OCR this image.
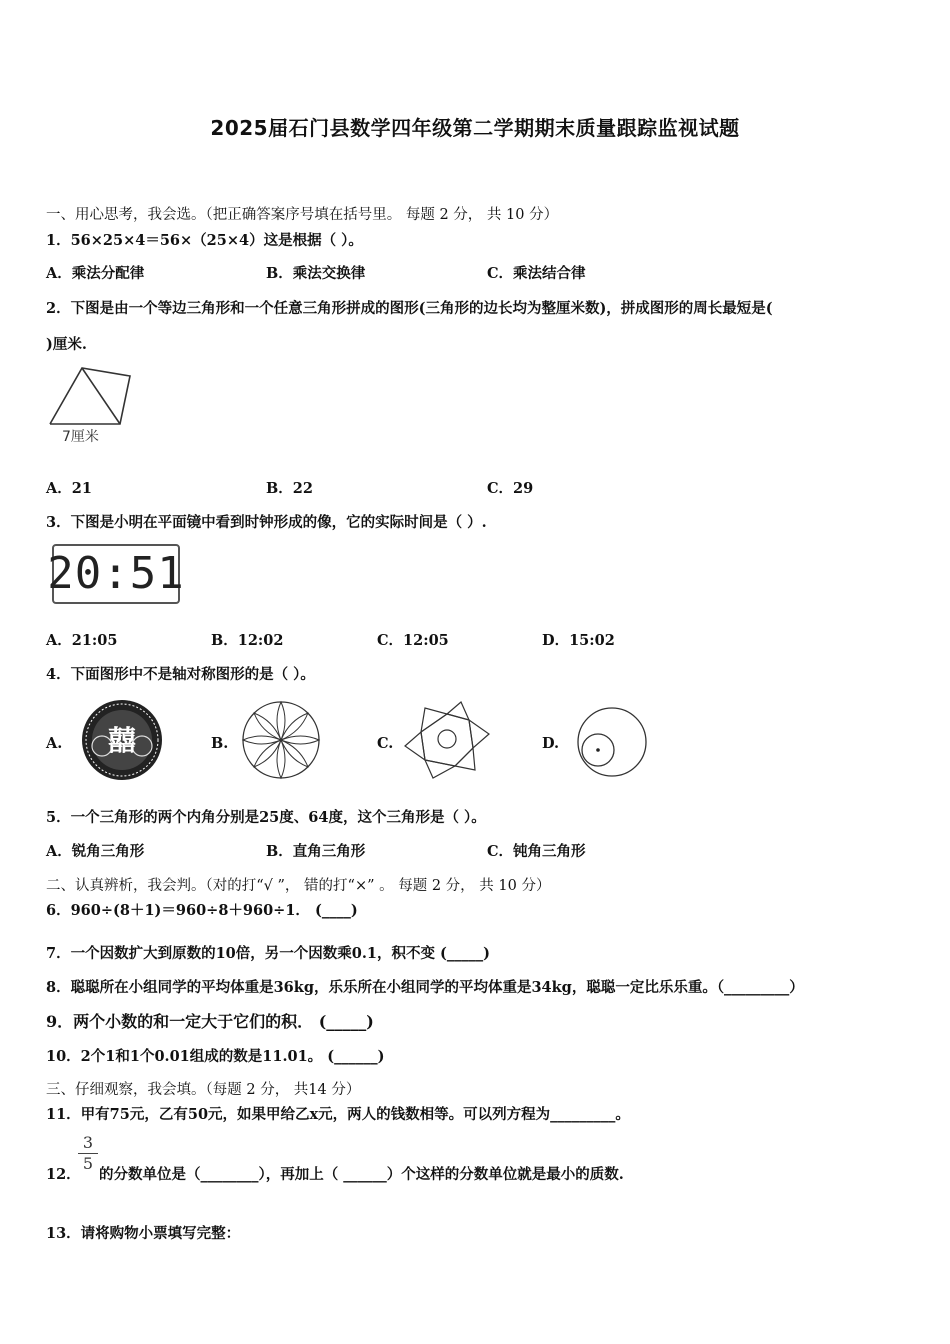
2025届石门县数学四年级第二学期期末质量跟踪监视试题
一、用心思考，我会选。（把正确答案序号填在括号里。 每题 2 分， 共 10 分）
1．56×25×4＝56×（25×4）这是根据（ ）。
A．乘法分配律	B．乘法交换律	C．乘法结合律
2．下图是由一个等边三角形和一个任意三角形拼成的图形(三角形的边长均为整厘米数)，拼成图形的周长最短是(
)厘米.
7厘米
A．21	B．22	C．29
3．下图是小明在平面镜中看到时钟形成的像，它的实际时间是（ ）.
20:51
A．21:05	B．12:02	C．12:05	D．15:02
4．下面图形中不是轴对称图形的是（ ）。
A. 囍	B.	C.	D.
5．一个三角形的两个内角分别是25度、64度，这个三角形是（ ）。
A．锐角三角形	B．直角三角形	C．钝角三角形
二、认真辨析，我会判。（对的打“√ ”， 错的打“×” 。 每题 2 分， 共 10 分）
6．960÷(8＋1)＝960÷8＋960÷1． (____)
7．一个因数扩大到原数的10倍，另一个因数乘0.1，积不变 (_____)
8．聪聪所在小组同学的平均体重是36kg，乐乐所在小组同学的平均体重是34kg，聪聪一定比乐乐重。（_________）
9．两个小数的和一定大于它们的积． (_____)
10．2个1和1个0.01组成的数是11.01。 (______)
三、仔细观察，我会填。（每题 2 分， 共14 分）
11．甲有75元，乙有50元，如果甲给乙x元，两人的钱数相等。可以列方程为_________。
12．
$\frac{3}{5}$
的分数单位是（________），再加上（ ______）个这样的分数单位就是最小的质数.
13．请将购物小票填写完整：
